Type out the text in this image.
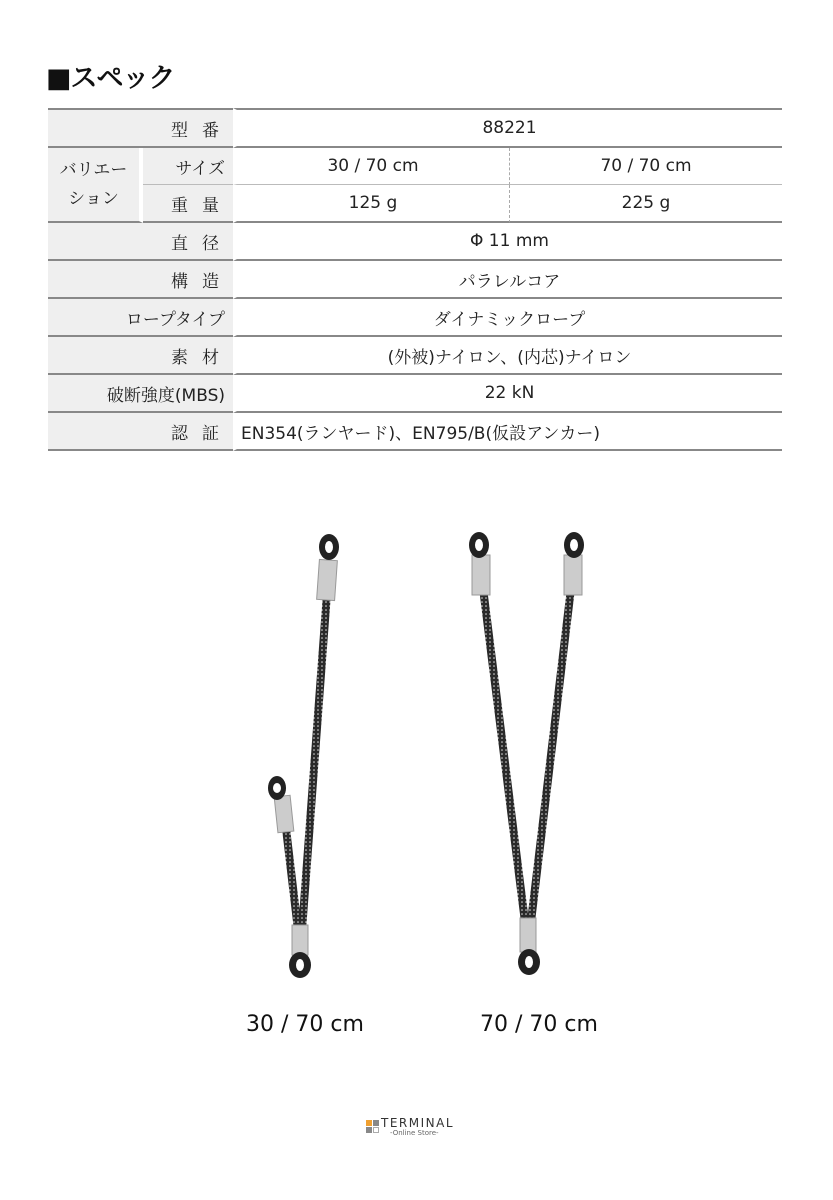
■スペック
型番		88221	
バリエーション	サイズ	30 / 70 cm	70 / 70 cm
	重量	125 g	225 g
直径		Φ 11 mm	
構造		パラレルコア	
ロープタイプ		ダイナミックロープ	
素材		(外被)ナイロン、(内芯)ナイロン	
破断強度(MBS)		22 kN	
認証		EN354(ランヤード)、EN795/B(仮設アンカー)	
30 / 70 cm	70 / 70 cm
TERMINAL
-Online Store-
